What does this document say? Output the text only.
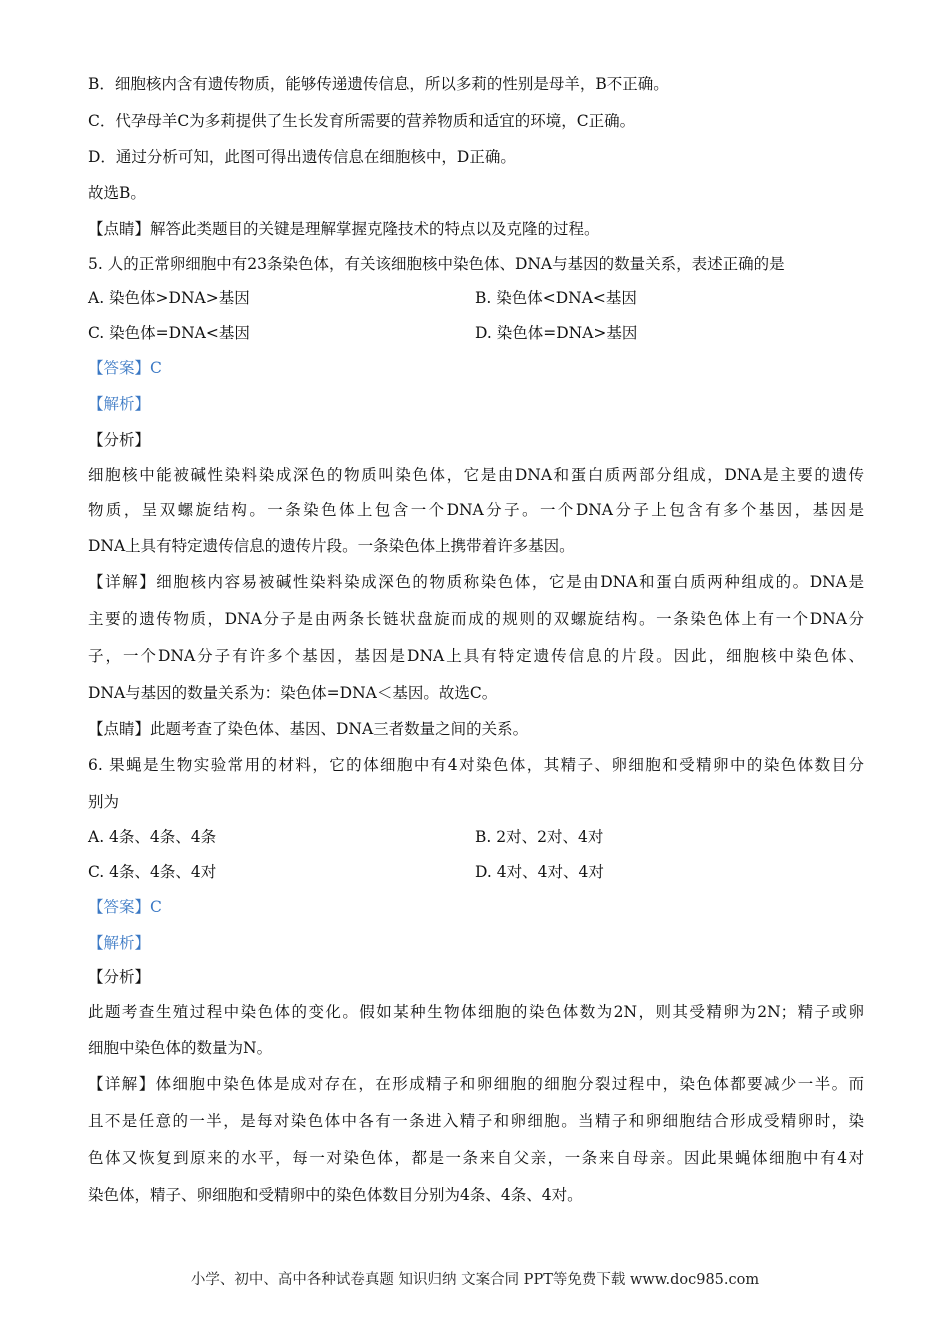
B．细胞核内含有遗传物质，能够传递遗传信息，所以多莉的性别是母羊，B不正确。
C．代孕母羊C为多莉提供了生长发育所需要的营养物质和适宜的环境，C正确。
D．通过分析可知，此图可得出遗传信息在细胞核中，D正确。
故选B。
【点睛】解答此类题目的关键是理解掌握克隆技术的特点以及克隆的过程。
5. 人的正常卵细胞中有23条染色体，有关该细胞核中染色体、DNA与基因的数量关系，表述正确的是
A. 染色体>DNA>基因	B. 染色体<DNA<基因
C. 染色体=DNA<基因	D. 染色体=DNA>基因
【答案】C
【解析】
【分析】
细胞核中能被碱性染料染成深色的物质叫染色体，它是由DNA和蛋白质两部分组成，DNA是主要的遗传
物质，呈双螺旋结构。一条染色体上包含一个DNA分子。一个DNA分子上包含有多个基因，基因是
DNA上具有特定遗传信息的遗传片段。一条染色体上携带着许多基因。
【详解】细胞核内容易被碱性染料染成深色的物质称染色体，它是由DNA和蛋白质两种组成的。DNA是
主要的遗传物质，DNA分子是由两条长链状盘旋而成的规则的双螺旋结构。一条染色体上有一个DNA分
子，一个DNA分子有许多个基因，基因是DNA上具有特定遗传信息的片段。因此，细胞核中染色体、
DNA与基因的数量关系为：染色体=DNA＜基因。故选C。
【点睛】此题考查了染色体、基因、DNA三者数量之间的关系。
6. 果蝇是生物实验常用的材料，它的体细胞中有4对染色体，其精子、卵细胞和受精卵中的染色体数目分
别为
A. 4条、4条、4条	B. 2对、2对、4对
C. 4条、4条、4对	D. 4对、4对、4对
【答案】C
【解析】
【分析】
此题考查生殖过程中染色体的变化。假如某种生物体细胞的染色体数为2N，则其受精卵为2N；精子或卵
细胞中染色体的数量为N。
【详解】体细胞中染色体是成对存在，在形成精子和卵细胞的细胞分裂过程中，染色体都要减少一半。而
且不是任意的一半，是每对染色体中各有一条进入精子和卵细胞。当精子和卵细胞结合形成受精卵时，染
色体又恢复到原来的水平，每一对染色体，都是一条来自父亲，一条来自母亲。因此果蝇体细胞中有4对
染色体，精子、卵细胞和受精卵中的染色体数目分别为4条、4条、4对。
小学、初中、高中各种试卷真题 知识归纳 文案合同 PPT等免费下载 www.doc985.com
